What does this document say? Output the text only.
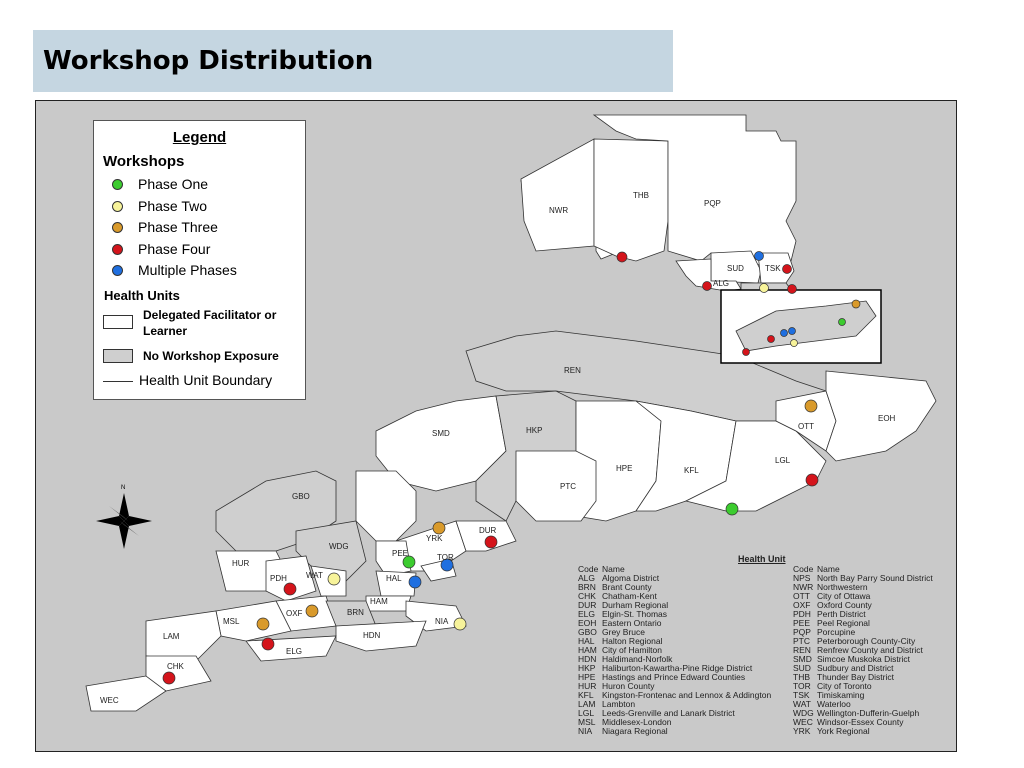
Workshop Distribution
N
NWR
THB
PQP
SUD	TSK
ALG
REN
SMD	HKP	OTT
EOH
HPE	KFL
LGL
PTC
GBO
WDG
DUR
YRK
PEE	TOR
HUR
PDH WAT	HAL
HAM
OXF	BRN
NIA
MSL
HDN
LAM
ELG
CHK
WEC
Legend
Workshops
Phase One
Phase Two
Phase Three
Phase Four
Multiple Phases
Health Units
Delegated Facilitator or Learner
No Workshop Exposure
Health Unit Boundary
Health Unit
Code Name
ALG Algoma District
BRN Brant County
CHK Chatham-Kent
DUR Durham Regional
ELG Elgin-St. Thomas
EOH Eastern Ontario
GBO Grey Bruce
HAL Halton Regional
HAM City of Hamilton
HDN Haldimand-Norfolk
HKP Haliburton-Kawartha-Pine Ridge District
HPE Hastings and Prince Edward Counties
HUR Huron County
KFL Kingston-Frontenac and Lennox & Addington
LAM Lambton
LGL Leeds-Grenville and Lanark District
MSL Middlesex-London
NIA Niagara Regional
Code Name
NPS North Bay Parry Sound District
NWR Northwestern
OTT City of Ottawa
OXF Oxford County
PDH Perth District
PEE Peel Regional
PQP Porcupine
PTC Peterborough County-City
REN Renfrew County and District
SMD Simcoe Muskoka District
SUD Sudbury and District
THB Thunder Bay District
TOR City of Toronto
TSK Timiskaming
WAT Waterloo
WDG Wellington-Dufferin-Guelph
WEC Windsor-Essex County
YRK York Regional
